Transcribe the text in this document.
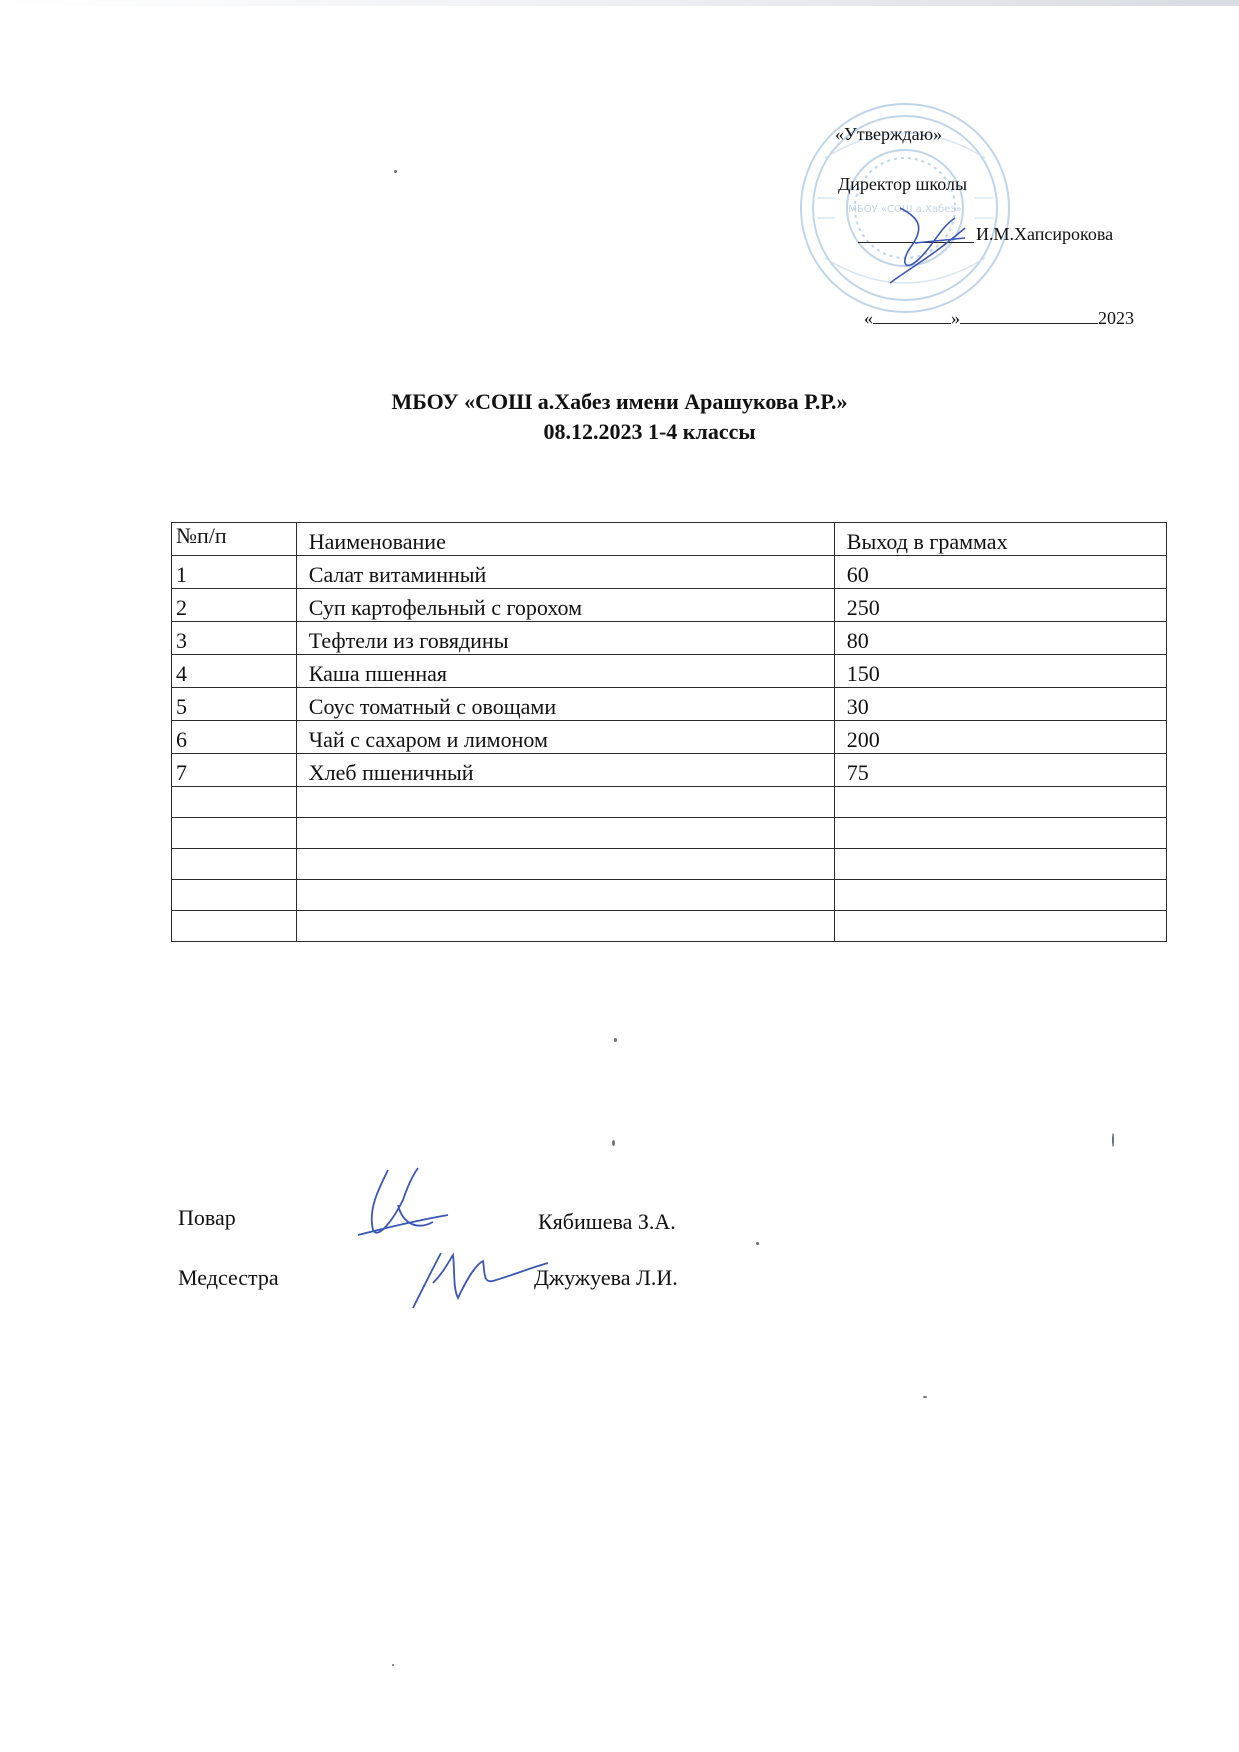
МБОУ «СОШ а.Хабез»
«Утверждаю»
Директор школы
И.М.Хапсирокова
«	»	2023
МБОУ «СОШ а.Хабез имени Арашукова Р.Р.»
08.12.2023 1-4 классы
№п/п	Наименование	Выход в граммах
1	Салат витаминный	60
2	Суп картофельный с горохом	250
3	Тефтели из говядины	80
4	Каша пшенная	150
5	Соус томатный с овощами	30
6	Чай с сахаром и лимоном	200
7	Хлеб пшеничный	75

Повар	Кябишева З.А.
Медсестра	Джужуева Л.И.
